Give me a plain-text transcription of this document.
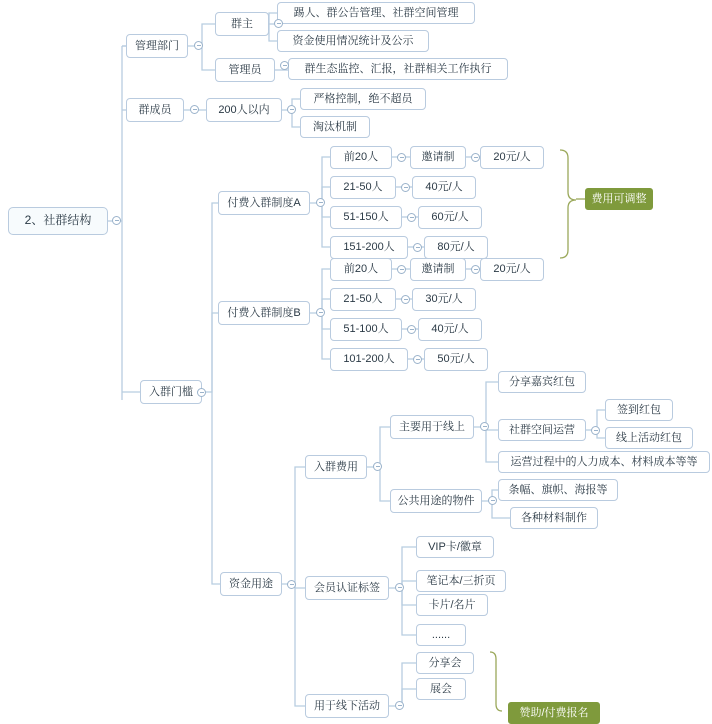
2、社群结构
管理部门
群主
踢人、群公告管理、社群空间管理
资金使用情况统计及公示
管理员	群生态监控、汇报，社群相关工作执行
群成员	200人以内
严格控制，绝不超员
淘汰机制
入群门槛
付费入群制度A
前20人	邀请制	20元/人
21-50人	40元/人
51-150人	60元/人
151-200人	80元/人
费用可调整
付费入群制度B
前20人	邀请制	20元/人
21-50人	30元/人
51-100人	40元/人
101-200人	50元/人
资金用途
入群费用
主要用于线上
分享嘉宾红包
社群空间运营
签到红包
线上活动红包
运营过程中的人力成本、材料成本等等
公共用途的物件
条幅、旗帜、海报等
各种材料制作
会员认证标签
VIP卡/徽章
笔记本/三折页
卡片/名片
......
用于线下活动
分享会
展会
赞助/付费报名
